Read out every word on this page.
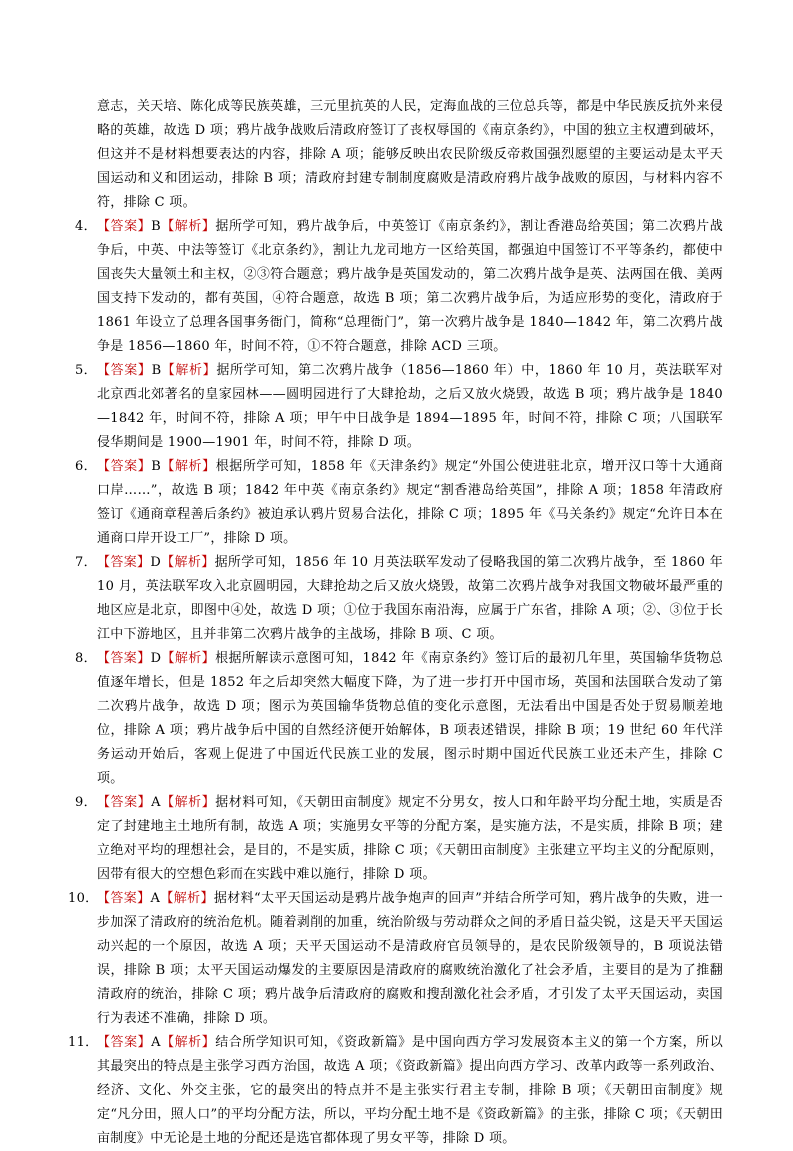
意志，关天培、陈化成等民族英雄，三元里抗英的人民，定海血战的三位总兵等，都是中华民族反抗外来侵略的英雄，故选 D 项；鸦片战争战败后清政府签订了丧权辱国的《南京条约》，中国的独立主权遭到破坏，但这并不是材料想要表达的内容，排除 A 项；能够反映出农民阶级反帝救国强烈愿望的主要运动是太平天国运动和义和团运动，排除 B 项；清政府封建专制制度腐败是清政府鸦片战争战败的原因，与材料内容不符，排除 C 项。

4． 【答案】B【解析】据所学可知，鸦片战争后，中英签订《南京条约》，割让香港岛给英国；第二次鸦片战争后，中英、中法等签订《北京条约》，割让九龙司地方一区给英国，都强迫中国签订不平等条约，都使中国丧失大量领土和主权，②③符合题意；鸦片战争是英国发动的，第二次鸦片战争是英、法两国在俄、美两国支持下发动的，都有英国，④符合题意，故选 B 项；第二次鸦片战争后，为适应形势的变化，清政府于 1861 年设立了总理各国事务衙门，简称“总理衙门”，第一次鸦片战争是 1840—1842 年，第二次鸦片战争是 1856—1860 年，时间不符，①不符合题意，排除 ACD 三项。
5． 【答案】B【解析】据所学可知，第二次鸦片战争（1856—1860 年）中，1860 年 10 月，英法联军对北京西北郊著名的皇家园林——圆明园进行了大肆抢劫，之后又放火烧毁，故选 B 项；鸦片战争是 1840—1842 年，时间不符，排除 A 项；甲午中日战争是 1894—1895 年，时间不符，排除 C 项；八国联军侵华期间是 1900—1901 年，时间不符，排除 D 项。
6． 【答案】B【解析】根据所学可知，1858 年《天津条约》规定“外国公使进驻北京，增开汉口等十大通商口岸……”，故选 B 项；1842 年中英《南京条约》规定“割香港岛给英国”，排除 A 项；1858 年清政府签订《通商章程善后条约》被迫承认鸦片贸易合法化，排除 C 项；1895 年《马关条约》规定“允许日本在通商口岸开设工厂”，排除 D 项。
7． 【答案】D【解析】据所学可知，1856 年 10 月英法联军发动了侵略我国的第二次鸦片战争，至 1860 年 10 月，英法联军攻入北京圆明园，大肆抢劫之后又放火烧毁，故第二次鸦片战争对我国文物破坏最严重的地区应是北京，即图中④处，故选 D 项；①位于我国东南沿海，应属于广东省，排除 A 项；②、③位于长江中下游地区，且并非第二次鸦片战争的主战场，排除 B 项、C 项。
8． 【答案】D【解析】根据所解读示意图可知，1842 年《南京条约》签订后的最初几年里，英国输华货物总值逐年增长，但是 1852 年之后却突然大幅度下降，为了进一步打开中国市场，英国和法国联合发动了第二次鸦片战争，故选 D 项；图示为英国输华货物总值的变化示意图，无法看出中国是否处于贸易顺差地位，排除 A 项；鸦片战争后中国的自然经济便开始解体，B 项表述错误，排除 B 项；19 世纪 60 年代洋务运动开始后，客观上促进了中国近代民族工业的发展，图示时期中国近代民族工业还未产生，排除 C 项。
9． 【答案】A【解析】据材料可知，《天朝田亩制度》规定不分男女，按人口和年龄平均分配土地，实质是否定了封建地主土地所有制，故选 A 项；实施男女平等的分配方案，是实施方法，不是实质，排除 B 项；建立绝对平均的理想社会，是目的，不是实质，排除 C 项；《天朝田亩制度》主张建立平均主义的分配原则，因带有很大的空想色彩而在实践中难以施行，排除 D 项。
10．
【答案】A【解析】据材料“太平天国运动是鸦片战争炮声的回声”并结合所学可知，鸦片战争的失败，进一步加深了清政府的统治危机。随着剥削的加重，统治阶级与劳动群众之间的矛盾日益尖锐，这是天平天国运动兴起的一个原因，故选 A 项；天平天国运动不是清政府官员领导的，是农民阶级领导的，B 项说法错误，排除 B 项；太平天国运动爆发的主要原因是清政府的腐败统治激化了社会矛盾，主要目的是为了推翻清政府的统治，排除 C 项；鸦片战争后清政府的腐败和搜刮激化社会矛盾，才引发了太平天国运动，卖国行为表述不准确，排除 D 项。
11．
【答案】A【解析】结合所学知识可知，《资政新篇》是中国向西方学习发展资本主义的第一个方案，所以其最突出的特点是主张学习西方治国，故选 A 项；《资政新篇》提出向西方学习、改革内政等一系列政治、经济、文化、外交主张，它的最突出的特点并不是主张实行君主专制，排除 B 项；《天朝田亩制度》规定“凡分田，照人口”的平均分配方法，所以，平均分配土地不是《资政新篇》的主张，排除 C 项；《天朝田亩制度》中无论是土地的分配还是选官都体现了男女平等，排除 D 项。
